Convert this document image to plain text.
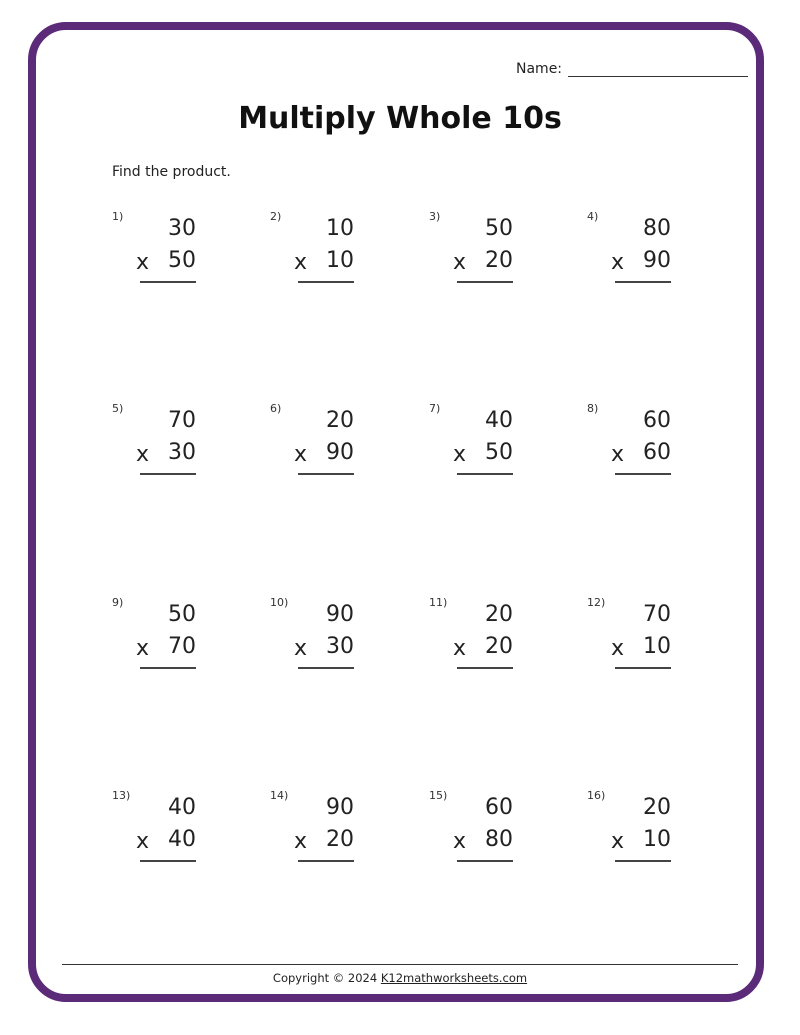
Name:
Multiply Whole 10s
Find the product.
1) 30
x 50
2) 10
x 10
3) 50
x 20
4) 80
x 90
5) 70
x 30
6) 20
x 90
7) 40
x 50
8) 60
x 60
9) 50
x 70
10) 90
x 30
11) 20
x 20
12) 70
x 10
13) 40
x 40
14) 90
x 20
15) 60
x 80
16) 20
x 10
Copyright © 2024 K12mathworksheets.com
